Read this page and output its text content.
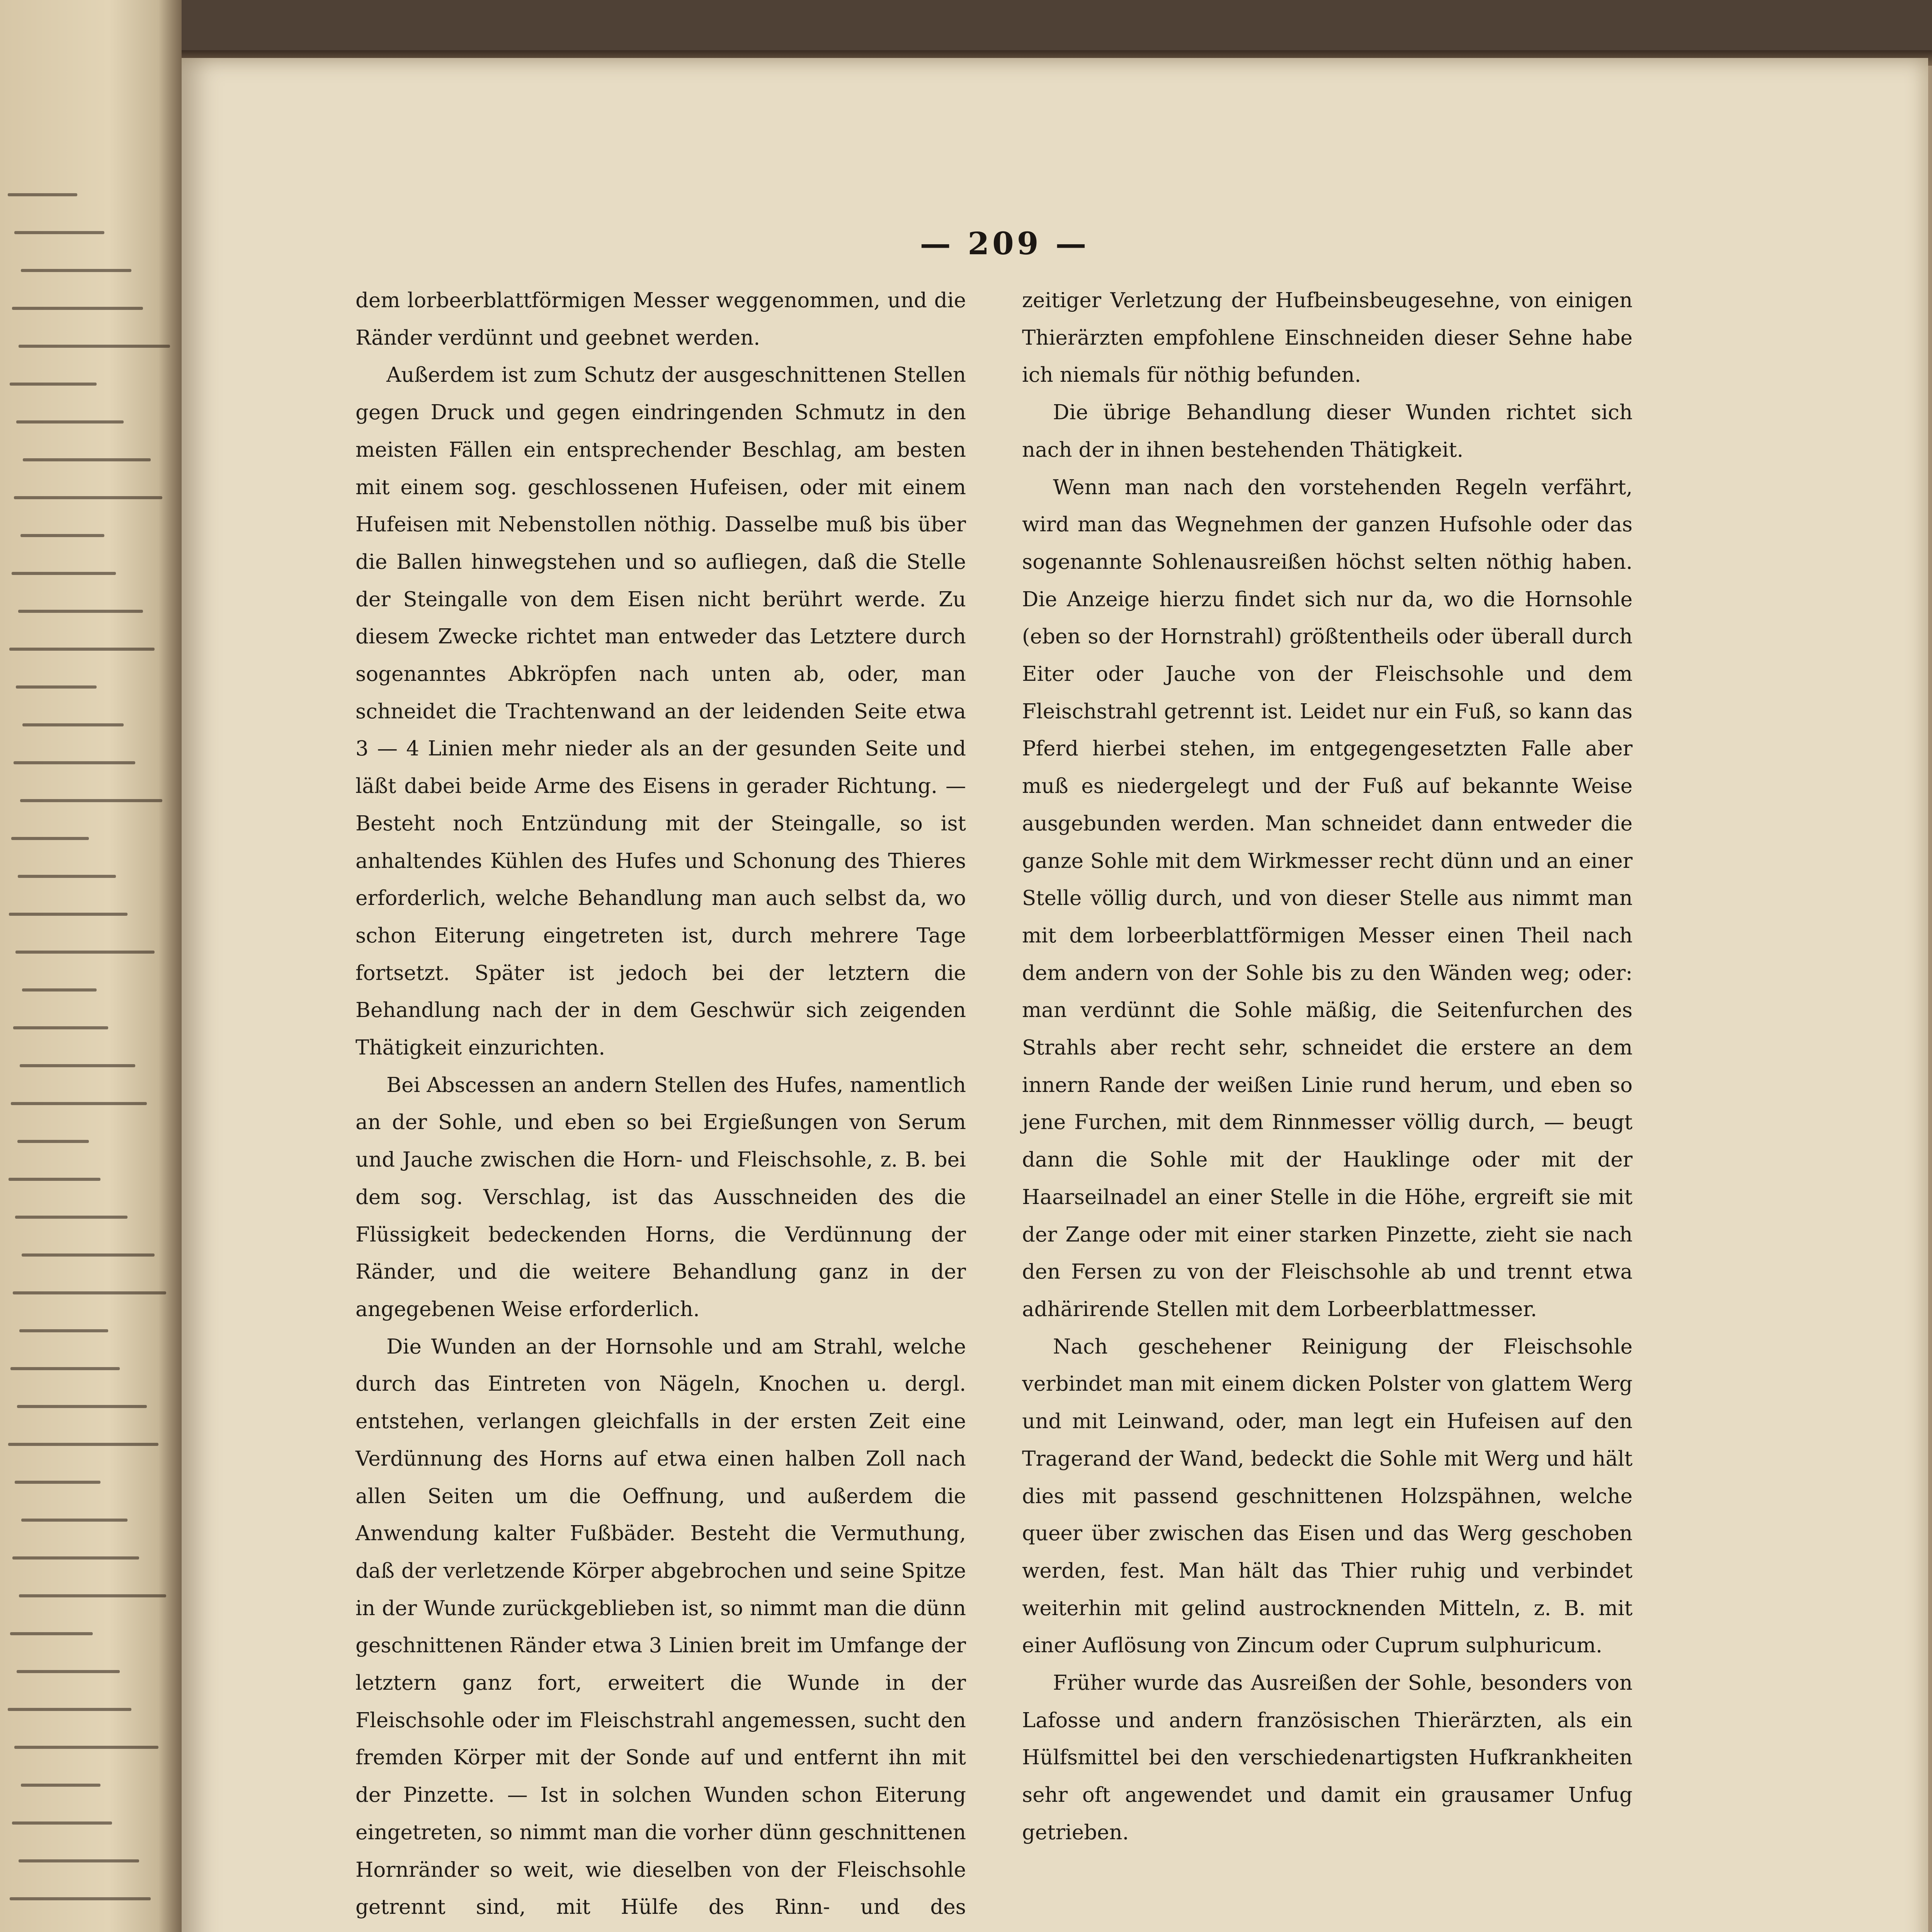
— 209 —

dem lorbeerblattförmigen Messer weggenommen, und die Ränder verdünnt und geebnet werden.

Außerdem ist zum Schutz der ausgeschnittenen Stellen gegen Druck und gegen eindringenden Schmutz in den meisten Fällen ein entsprechender Beschlag, am besten mit einem sog. geschlossenen Hufeisen, oder mit einem Hufeisen mit Nebenstollen nöthig. Dasselbe muß bis über die Ballen hinwegstehen und so aufliegen, daß die Stelle der Steingalle von dem Eisen nicht berührt werde. Zu diesem Zwecke richtet man entweder das Letztere durch sogenanntes Abkröpfen nach unten ab, oder, man schneidet die Trachtenwand an der leidenden Seite etwa 3 — 4 Linien mehr nieder als an der gesunden Seite und läßt dabei beide Arme des Eisens in gerader Richtung. — Besteht noch Entzündung mit der Steingalle, so ist anhaltendes Kühlen des Hufes und Schonung des Thieres erforderlich, welche Behandlung man auch selbst da, wo schon Eiterung eingetreten ist, durch mehrere Tage fortsetzt. Später ist jedoch bei der letztern die Behandlung nach der in dem Geschwür sich zeigenden Thätigkeit einzurichten.

Bei Abscessen an andern Stellen des Hufes, namentlich an der Sohle, und eben so bei Ergießungen von Serum und Jauche zwischen die Horn- und Fleischsohle, z. B. bei dem sog. Verschlag, ist das Ausschneiden des die Flüssigkeit bedeckenden Horns, die Verdünnung der Ränder, und die weitere Behandlung ganz in der angegebenen Weise erforderlich.

Die Wunden an der Hornsohle und am Strahl, welche durch das Eintreten von Nägeln, Knochen u. dergl. entstehen, verlangen gleichfalls in der ersten Zeit eine Verdünnung des Horns auf etwa einen halben Zoll nach allen Seiten um die Oeffnung, und außerdem die Anwendung kalter Fußbäder. Besteht die Vermuthung, daß der verletzende Körper abgebrochen und seine Spitze in der Wunde zurückgeblieben ist, so nimmt man die dünn geschnittenen Ränder etwa 3 Linien breit im Umfange der letztern ganz fort, erweitert die Wunde in der Fleischsohle oder im Fleischstrahl angemessen, sucht den fremden Körper mit der Sonde auf und entfernt ihn mit der Pinzette. — Ist in solchen Wunden schon Eiterung eingetreten, so nimmt man die vorher dünn geschnittenen Hornränder so weit, wie dieselben von der Fleischsohle getrennt sind, mit Hülfe des Rinn- und des

zeitiger Verletzung der Hufbeinsbeugesehne, von einigen Thierärzten empfohlene Einschneiden dieser Sehne habe ich niemals für nöthig befunden.

Die übrige Behandlung dieser Wunden richtet sich nach der in ihnen bestehenden Thätigkeit.

Wenn man nach den vorstehenden Regeln verfährt, wird man das Wegnehmen der ganzen Hufsohle oder das sogenannte Sohlenausreißen höchst selten nöthig haben. Die Anzeige hierzu findet sich nur da, wo die Hornsohle (eben so der Hornstrahl) größtentheils oder überall durch Eiter oder Jauche von der Fleischsohle und dem Fleischstrahl getrennt ist. Leidet nur ein Fuß, so kann das Pferd hierbei stehen, im entgegengesetzten Falle aber muß es niedergelegt und der Fuß auf bekannte Weise ausgebunden werden. Man schneidet dann entweder die ganze Sohle mit dem Wirkmesser recht dünn und an einer Stelle völlig durch, und von dieser Stelle aus nimmt man mit dem lorbeerblattförmigen Messer einen Theil nach dem andern von der Sohle bis zu den Wänden weg; oder: man verdünnt die Sohle mäßig, die Seitenfurchen des Strahls aber recht sehr, schneidet die erstere an dem innern Rande der weißen Linie rund herum, und eben so jene Furchen, mit dem Rinnmesser völlig durch, — beugt dann die Sohle mit der Hauklinge oder mit der Haarseilnadel an einer Stelle in die Höhe, ergreift sie mit der Zange oder mit einer starken Pinzette, zieht sie nach den Fersen zu von der Fleischsohle ab und trennt etwa adhärirende Stellen mit dem Lorbeerblattmesser.

Nach geschehener Reinigung der Fleischsohle verbindet man mit einem dicken Polster von glattem Werg und mit Leinwand, oder, man legt ein Hufeisen auf den Tragerand der Wand, bedeckt die Sohle mit Werg und hält dies mit passend geschnittenen Holzspähnen, welche queer über zwischen das Eisen und das Werg geschoben werden, fest. Man hält das Thier ruhig und verbindet weiterhin mit gelind austrocknenden Mitteln, z. B. mit einer Auflösung von Zincum oder Cuprum sulphuricum.

Früher wurde das Ausreißen der Sohle, besonders von Lafosse und andern französischen Thierärzten, als ein Hülfsmittel bei den verschiedenartigsten Hufkrankheiten sehr oft angewendet und damit ein grausamer Unfug getrieben.
